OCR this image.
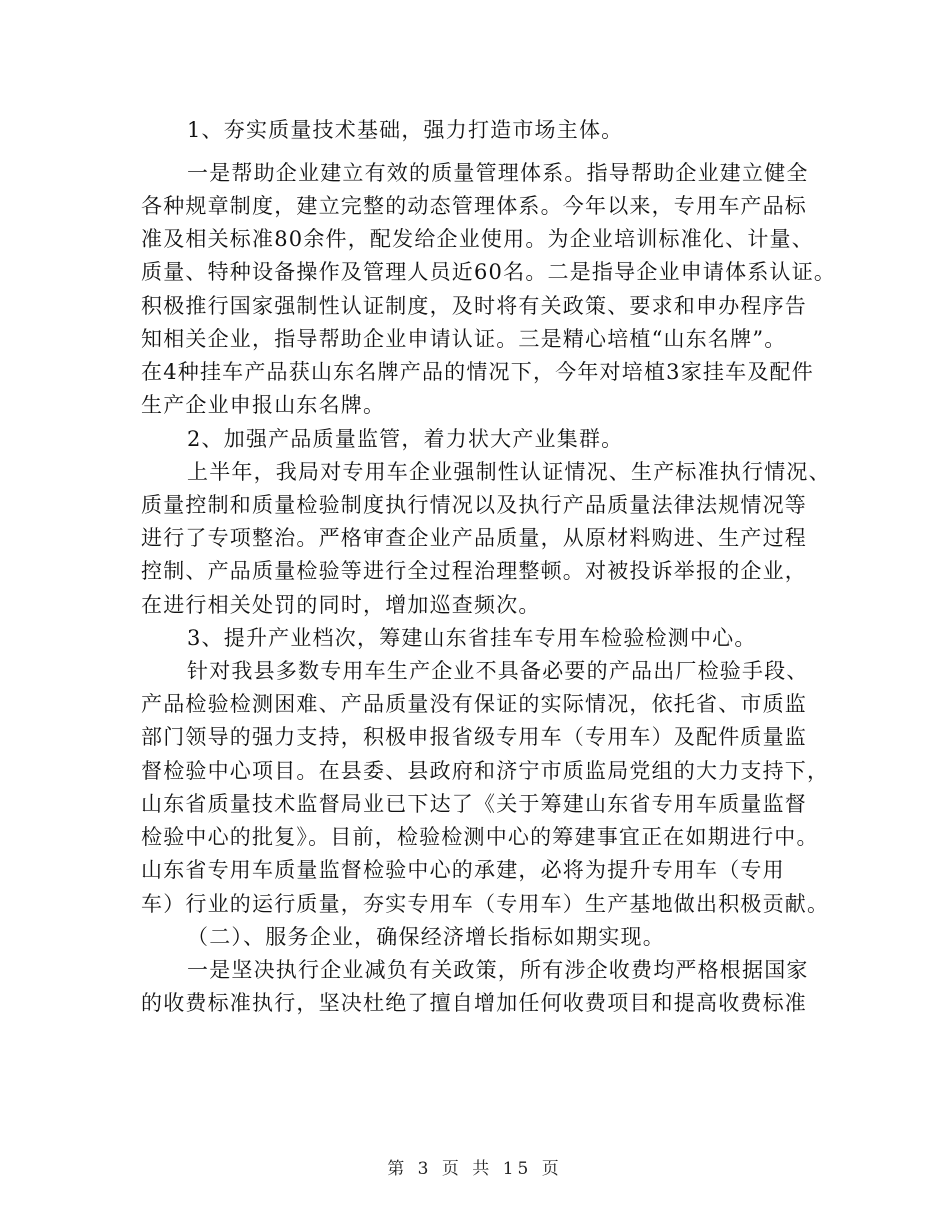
1、夯实质量技术基础，强力打造市场主体。
一是帮助企业建立有效的质量管理体系。指导帮助企业建立健全
各种规章制度，建立完整的动态管理体系。今年以来，专用车产品标
准及相关标准80余件，配发给企业使用。为企业培训标准化、计量、
质量、特种设备操作及管理人员近60名。二是指导企业申请体系认证。
积极推行国家强制性认证制度，及时将有关政策、要求和申办程序告
知相关企业，指导帮助企业申请认证。三是精心培植“山东名牌”。
在4种挂车产品获山东名牌产品的情况下，今年对培植3家挂车及配件
生产企业申报山东名牌。
2、加强产品质量监管，着力状大产业集群。
上半年，我局对专用车企业强制性认证情况、生产标准执行情况、
质量控制和质量检验制度执行情况以及执行产品质量法律法规情况等
进行了专项整治。严格审查企业产品质量，从原材料购进、生产过程
控制、产品质量检验等进行全过程治理整顿。对被投诉举报的企业，
在进行相关处罚的同时，增加巡查频次。
3、提升产业档次，筹建山东省挂车专用车检验检测中心。
针对我县多数专用车生产企业不具备必要的产品出厂检验手段、
产品检验检测困难、产品质量没有保证的实际情况，依托省、市质监
部门领导的强力支持，积极申报省级专用车（专用车）及配件质量监
督检验中心项目。在县委、县政府和济宁市质监局党组的大力支持下，
山东省质量技术监督局业已下达了《关于筹建山东省专用车质量监督
检验中心的批复》。目前，检验检测中心的筹建事宜正在如期进行中。
山东省专用车质量监督检验中心的承建，必将为提升专用车（专用
车）行业的运行质量，夯实专用车（专用车）生产基地做出积极贡献。
（二）、服务企业，确保经济增长指标如期实现。
一是坚决执行企业减负有关政策，所有涉企收费均严格根据国家
的收费标准执行，坚决杜绝了擅自增加任何收费项目和提高收费标准
第 3 页 共 15 页
